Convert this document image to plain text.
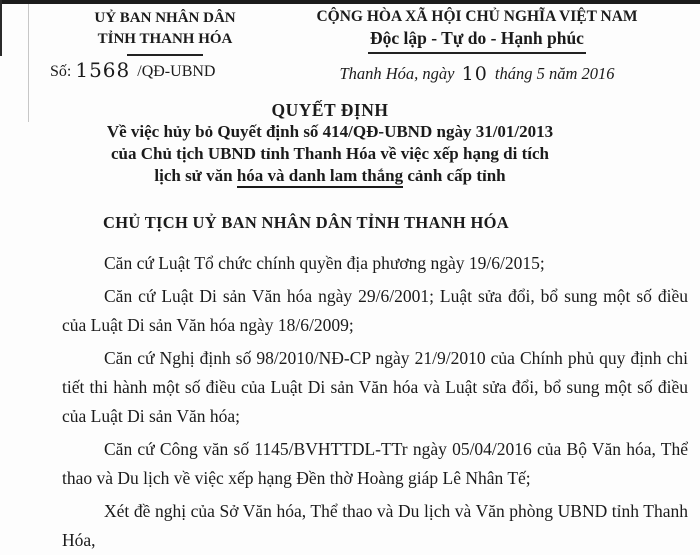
UỶ BAN NHÂN DÂN
TỈNH THANH HÓA
Số: 1568 /QĐ-UBND
CỘNG HÒA XÃ HỘI CHỦ NGHĨA VIỆT NAM
Độc lập - Tự do - Hạnh phúc
Thanh Hóa, ngày 10 tháng 5 năm 2016
QUYẾT ĐỊNH
Về việc hủy bỏ Quyết định số 414/QĐ-UBND ngày 31/01/2013
của Chủ tịch UBND tỉnh Thanh Hóa về việc xếp hạng di tích
lịch sử văn hóa và danh lam thắng cảnh cấp tỉnh
CHỦ TỊCH UỶ BAN NHÂN DÂN TỈNH THANH HÓA

Căn cứ Luật Tổ chức chính quyền địa phương ngày 19/6/2015;

Căn cứ Luật Di sản Văn hóa ngày 29/6/2001; Luật sửa đổi, bổ sung một số điều của Luật Di sản Văn hóa ngày 18/6/2009;

Căn cứ Nghị định số 98/2010/NĐ-CP ngày 21/9/2010 của Chính phủ quy định chi tiết thi hành một số điều của Luật Di sản Văn hóa và Luật sửa đổi, bổ sung một số điều của Luật Di sản Văn hóa;

Căn cứ Công văn số 1145/BVHTTDL-TTr ngày 05/04/2016 của Bộ Văn hóa, Thể thao và Du lịch về việc xếp hạng Đền thờ Hoàng giáp Lê Nhân Tế;

Xét đề nghị của Sở Văn hóa, Thể thao và Du lịch và Văn phòng UBND tỉnh Thanh Hóa,
